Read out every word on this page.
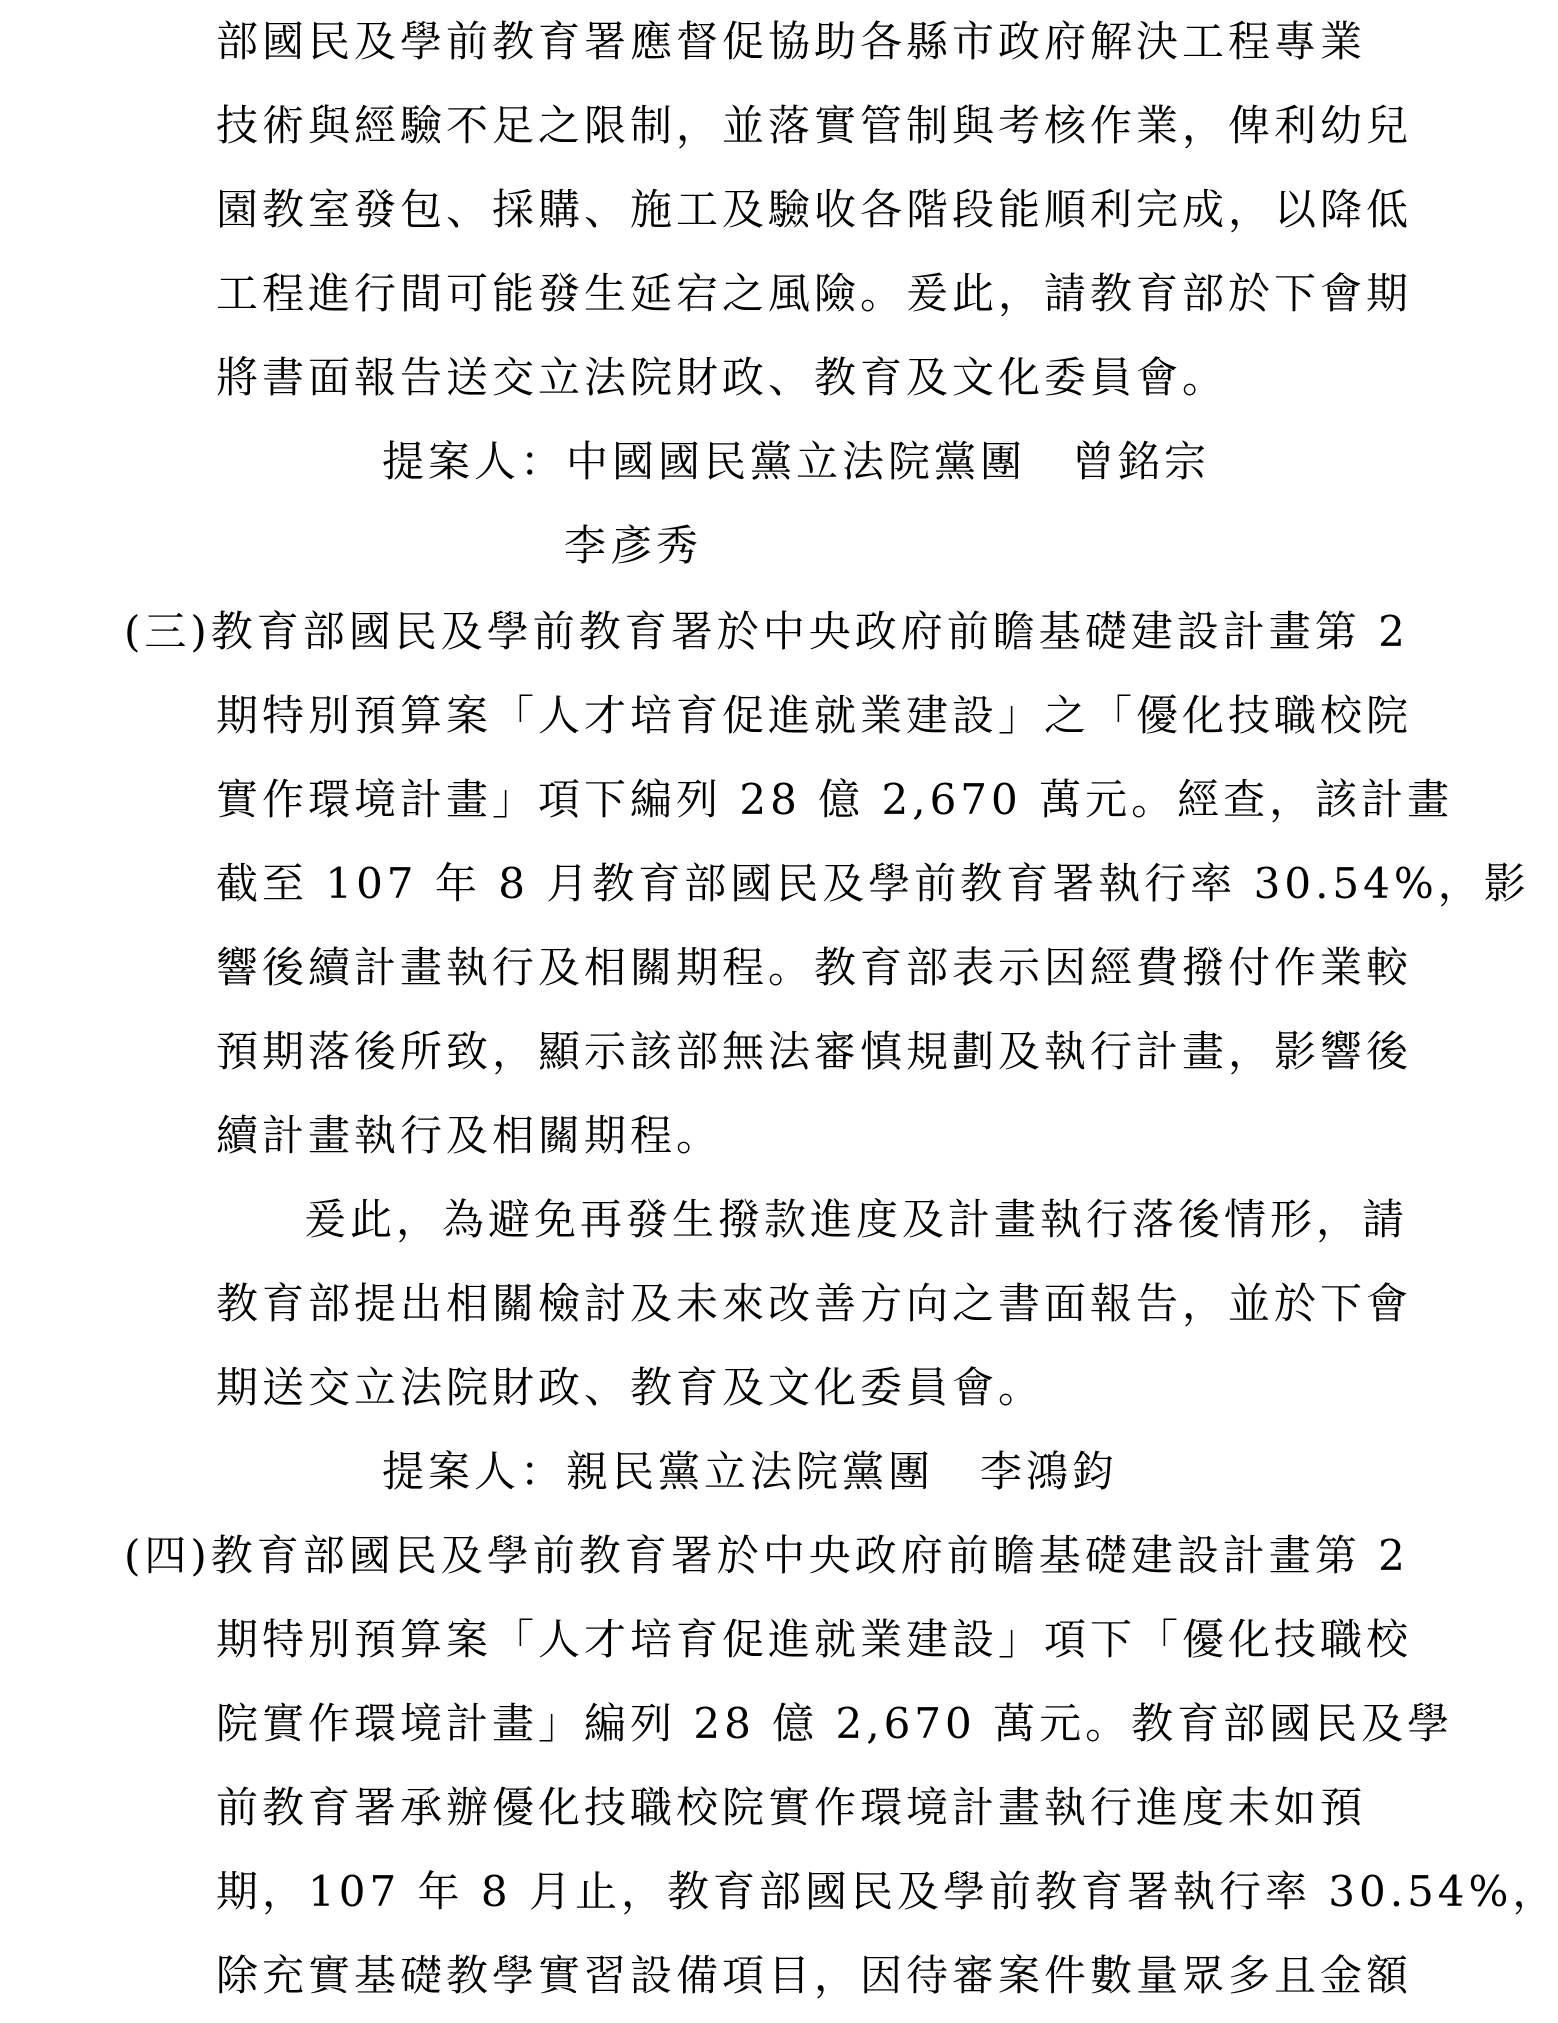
部國民及學前教育署應督促協助各縣市政府解決工程專業
技術與經驗不足之限制，並落實管制與考核作業，俾利幼兒
園教室發包、採購、施工及驗收各階段能順利完成，以降低
工程進行間可能發生延宕之風險。爰此，請教育部於下會期
將書面報告送交立法院財政、教育及文化委員會。
提案人：中國國民黨立法院黨團　曾銘宗
李彥秀
(三)教育部國民及學前教育署於中央政府前瞻基礎建設計畫第 2
期特別預算案「人才培育促進就業建設」之「優化技職校院
實作環境計畫」項下編列 28 億 2,670 萬元。經查，該計畫
截至 107 年 8 月教育部國民及學前教育署執行率 30.54%，影
響後續計畫執行及相關期程。教育部表示因經費撥付作業較
預期落後所致，顯示該部無法審慎規劃及執行計畫，影響後
續計畫執行及相關期程。
爰此，為避免再發生撥款進度及計畫執行落後情形，請
教育部提出相關檢討及未來改善方向之書面報告，並於下會
期送交立法院財政、教育及文化委員會。
提案人：親民黨立法院黨團　李鴻鈞
(四)教育部國民及學前教育署於中央政府前瞻基礎建設計畫第 2
期特別預算案「人才培育促進就業建設」項下「優化技職校
院實作環境計畫」編列 28 億 2,670 萬元。教育部國民及學
前教育署承辦優化技職校院實作環境計畫執行進度未如預
期，107 年 8 月止，教育部國民及學前教育署執行率 30.54%，
除充實基礎教學實習設備項目，因待審案件數量眾多且金額
